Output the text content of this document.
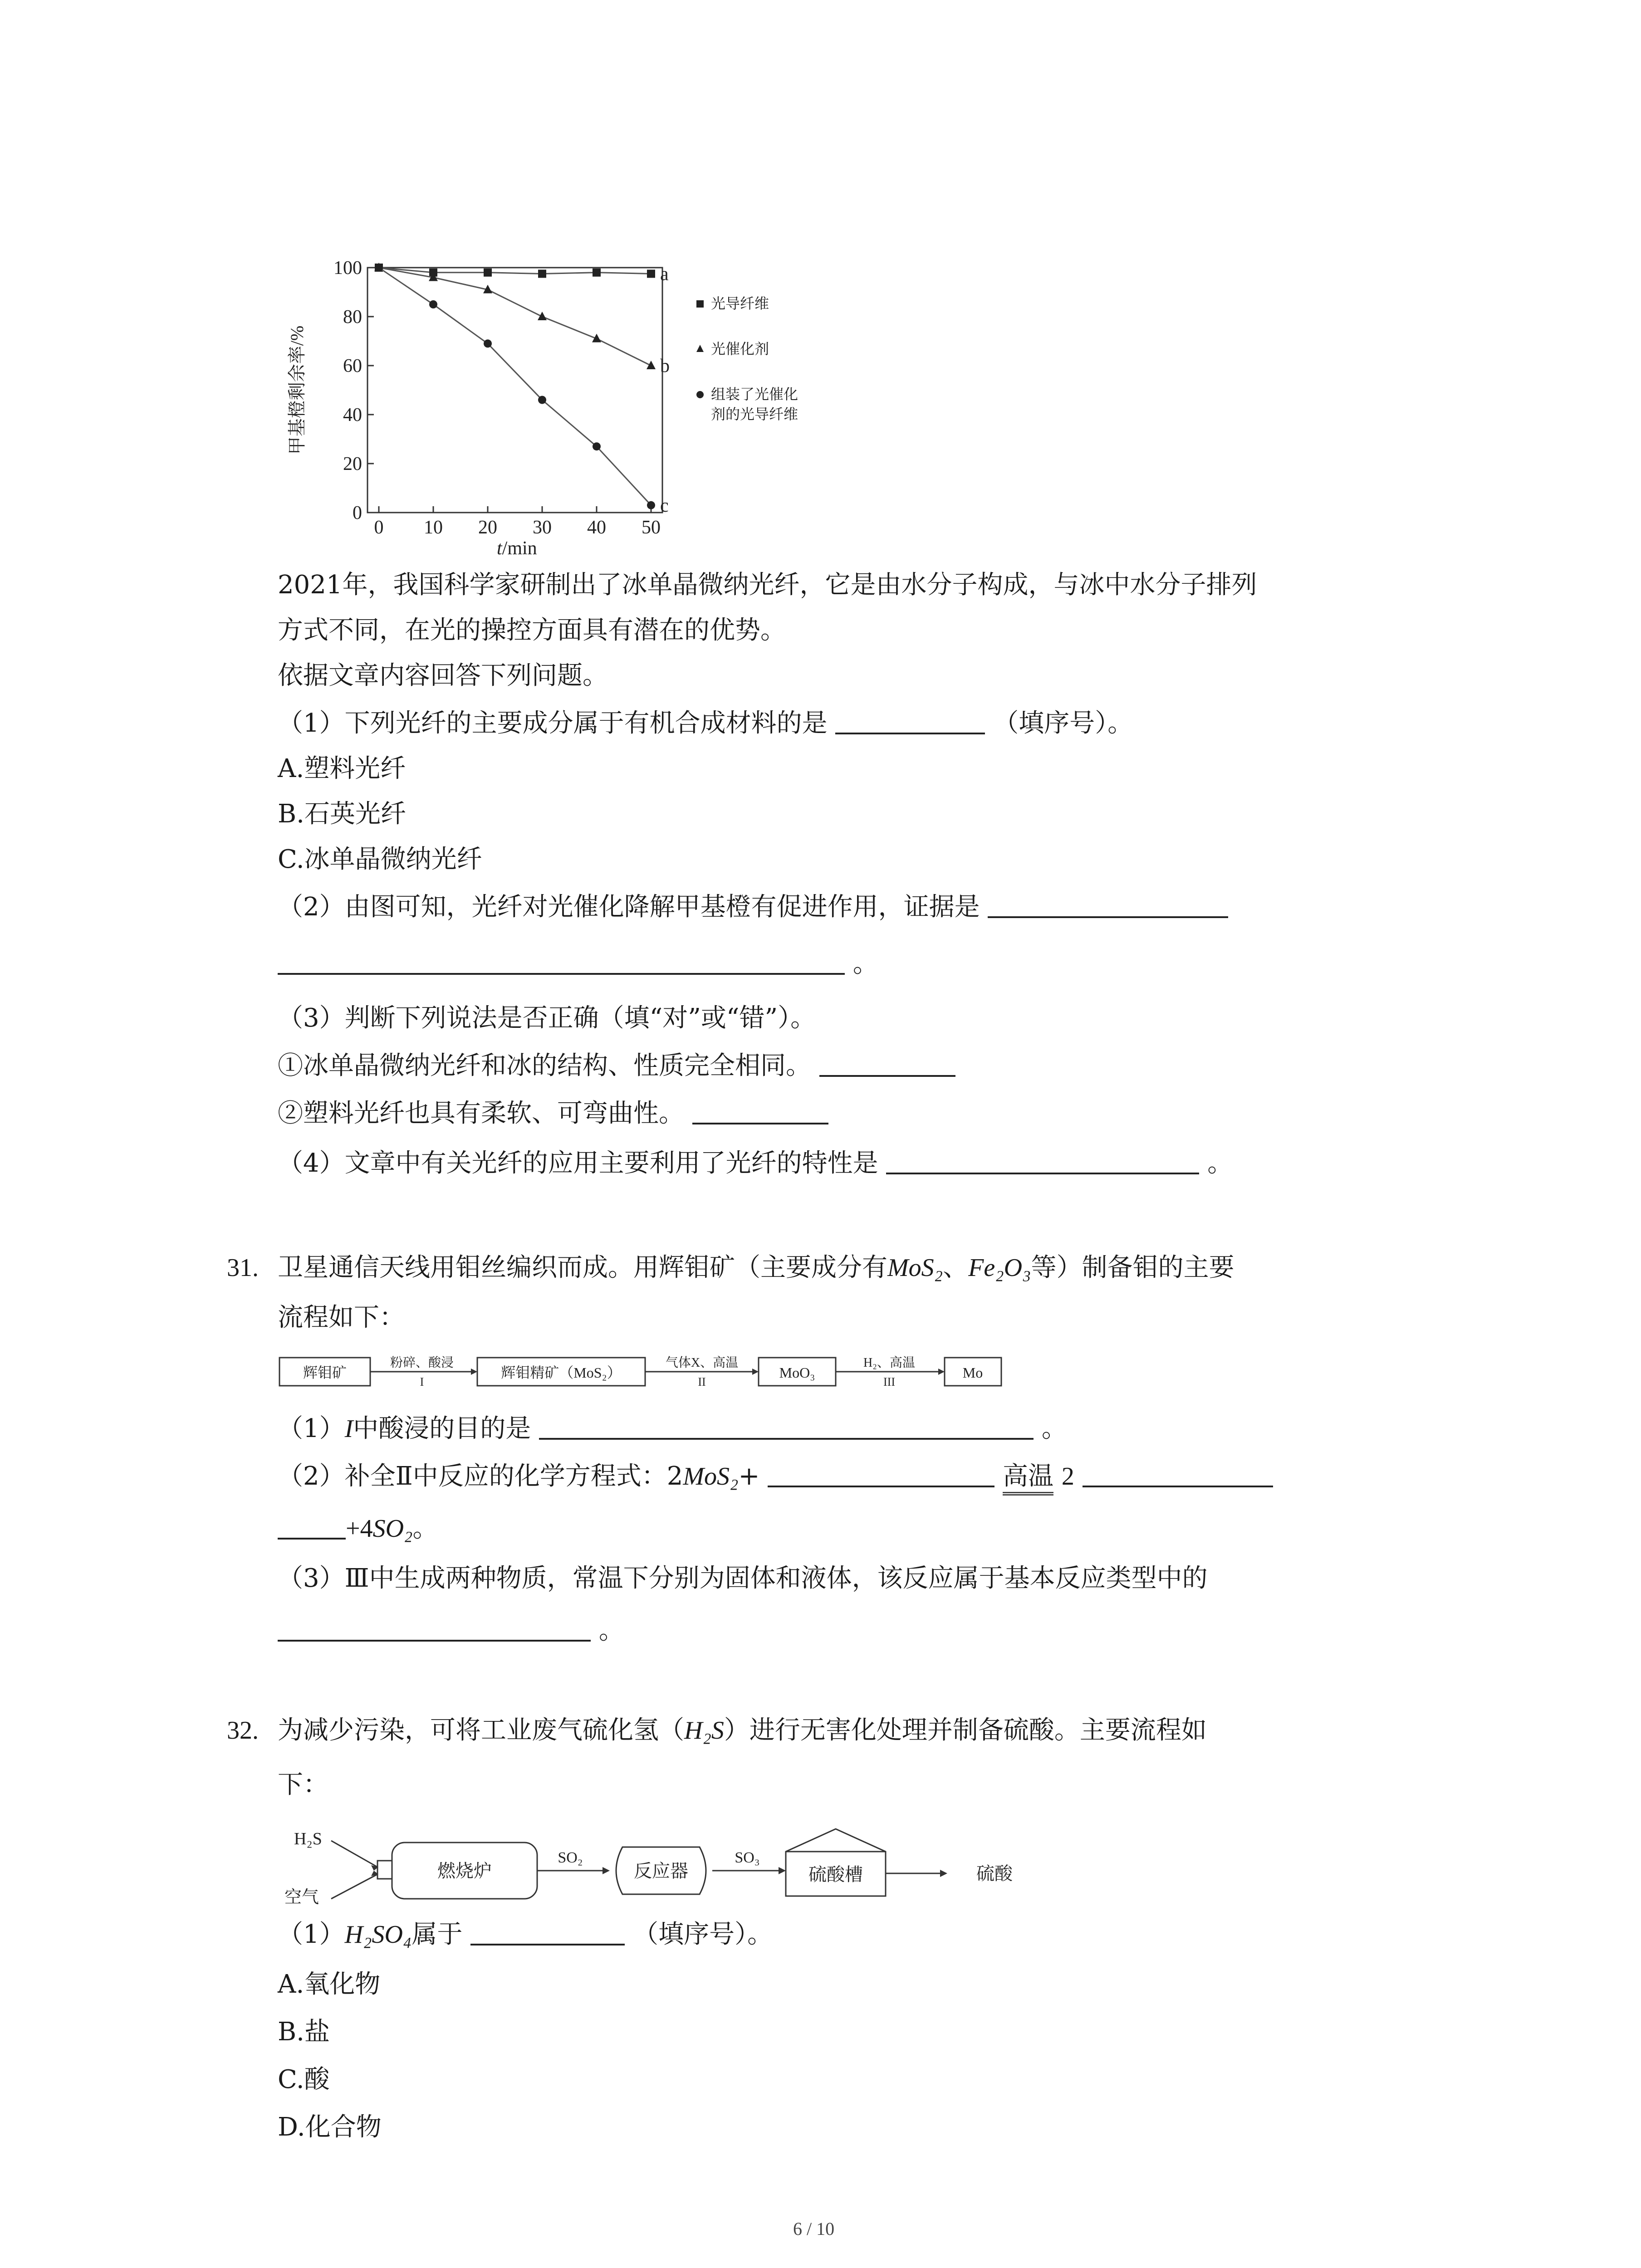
0
20
40
60
80
100
0 10 20 30 40 50
t/min
甲基橙剩余率/%
a
b
c
光导纤维
光催化剂
组装了光催化
剂的光导纤维
2021年，我国科学家研制出了冰单晶微纳光纤，它是由水分子构成，与冰中水分子排列
方式不同，在光的操控方面具有潜在的优势。
依据文章内容回答下列问题。
（1）下列光纤的主要成分属于有机合成材料的是	（填序号）。
A.塑料光纤
B.石英光纤
C.冰单晶微纳光纤
（2）由图可知，光纤对光催化降解甲基橙有促进作用，证据是
。
（3）判断下列说法是否正确（填“对”或“错”）。
①冰单晶微纳光纤和冰的结构、性质完全相同。
②塑料光纤也具有柔软、可弯曲性。
（4）文章中有关光纤的应用主要利用了光纤的特性是	。
31. 卫星通信天线用钼丝编织而成。用辉钼矿（主要成分有MoS₂、Fe₂O₃等）制备钼的主要
流程如下：
辉钼矿
粉碎、酸浸
I
辉钼精矿（MoS₂）
气体X、高温
II
MoO₃
H₂、高温
III
Mo
（1）I中酸浸的目的是	。
（2）补全Ⅱ中反应的化学方程式：2MoS₂+	高温 2
+4SO₂。
（3）Ⅲ中生成两种物质，常温下分别为固体和液体，该反应属于基本反应类型中的
。
32. 为减少污染，可将工业废气硫化氢（H₂S）进行无害化处理并制备硫酸。主要流程如
下：
H₂S
空气
燃烧炉
SO₂
反应器
SO₃
硫酸槽	硫酸
（1）H₂SO₄属于	（填序号）。
A.氧化物
B.盐
C.酸
D.化合物
6 / 10
